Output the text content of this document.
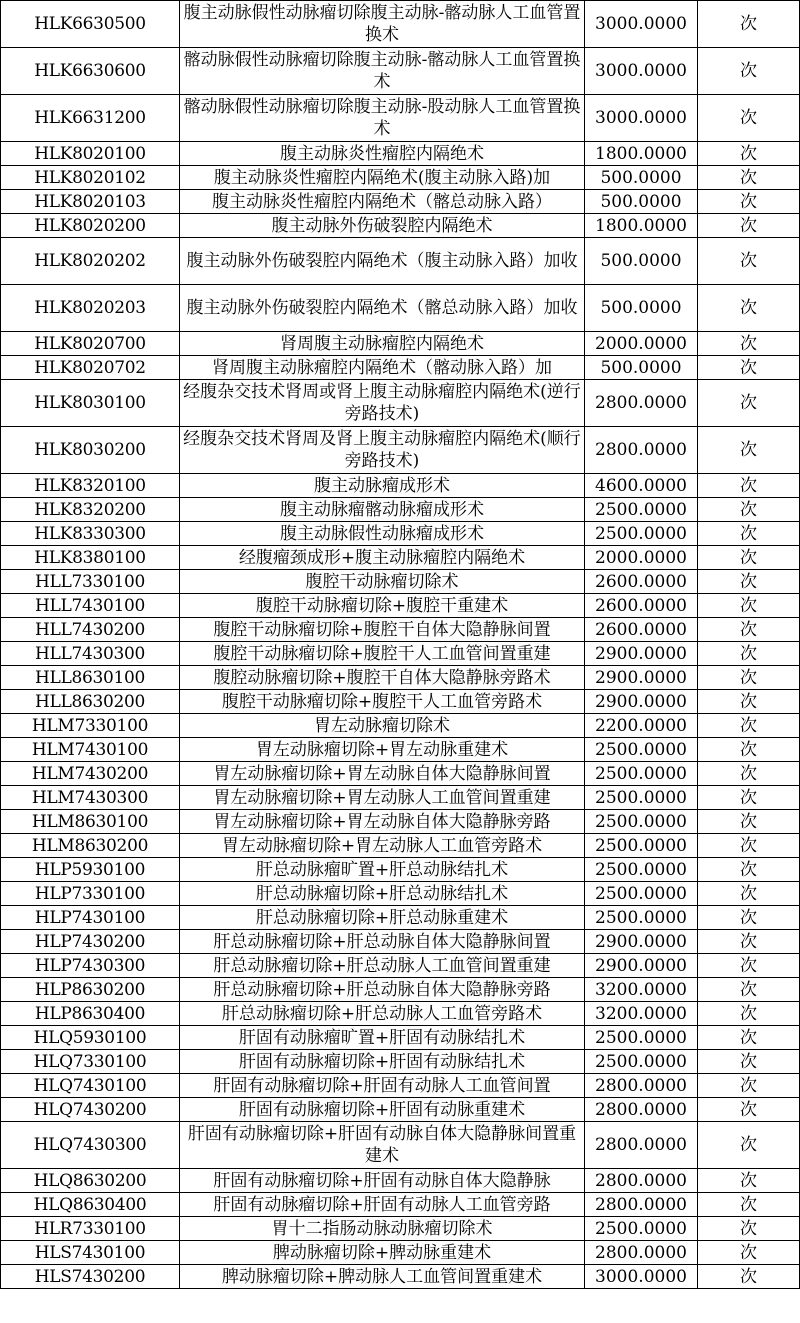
HLK6630500	腹主动脉假性动脉瘤切除腹主动脉-髂动脉人工血管置换术	3000.0000	次
HLK6630600	髂动脉假性动脉瘤切除腹主动脉-髂动脉人工血管置换术	3000.0000	次
HLK6631200	髂动脉假性动脉瘤切除腹主动脉-股动脉人工血管置换术	3000.0000	次
HLK8020100	腹主动脉炎性瘤腔内隔绝术	1800.0000	次
HLK8020102	腹主动脉炎性瘤腔内隔绝术(腹主动脉入路)加	500.0000	次
HLK8020103	腹主动脉炎性瘤腔内隔绝术（髂总动脉入路）	500.0000	次
HLK8020200	腹主动脉外伤破裂腔内隔绝术	1800.0000	次
HLK8020202	腹主动脉外伤破裂腔内隔绝术（腹主动脉入路）加收	500.0000	次
HLK8020203	腹主动脉外伤破裂腔内隔绝术（髂总动脉入路）加收	500.0000	次
HLK8020700	肾周腹主动脉瘤腔内隔绝术	2000.0000	次
HLK8020702	肾周腹主动脉瘤腔内隔绝术（髂动脉入路）加	500.0000	次
HLK8030100	经腹杂交技术肾周或肾上腹主动脉瘤腔内隔绝术(逆行旁路技术)	2800.0000	次
HLK8030200	经腹杂交技术肾周及肾上腹主动脉瘤腔内隔绝术(顺行旁路技术)	2800.0000	次
HLK8320100	腹主动脉瘤成形术	4600.0000	次
HLK8320200	腹主动脉瘤髂动脉瘤成形术	2500.0000	次
HLK8330300	腹主动脉假性动脉瘤成形术	2500.0000	次
HLK8380100	经腹瘤颈成形+腹主动脉瘤腔内隔绝术	2000.0000	次
HLL7330100	腹腔干动脉瘤切除术	2600.0000	次
HLL7430100	腹腔干动脉瘤切除+腹腔干重建术	2600.0000	次
HLL7430200	腹腔干动脉瘤切除+腹腔干自体大隐静脉间置	2600.0000	次
HLL7430300	腹腔干动脉瘤切除+腹腔干人工血管间置重建	2900.0000	次
HLL8630100	腹腔动脉瘤切除+腹腔干自体大隐静脉旁路术	2900.0000	次
HLL8630200	腹腔干动脉瘤切除+腹腔干人工血管旁路术	2900.0000	次
HLM7330100	胃左动脉瘤切除术	2200.0000	次
HLM7430100	胃左动脉瘤切除+胃左动脉重建术	2500.0000	次
HLM7430200	胃左动脉瘤切除+胃左动脉自体大隐静脉间置	2500.0000	次
HLM7430300	胃左动脉瘤切除+胃左动脉人工血管间置重建	2500.0000	次
HLM8630100	胃左动脉瘤切除+胃左动脉自体大隐静脉旁路	2500.0000	次
HLM8630200	胃左动脉瘤切除+胃左动脉人工血管旁路术	2500.0000	次
HLP5930100	肝总动脉瘤旷置+肝总动脉结扎术	2500.0000	次
HLP7330100	肝总动脉瘤切除+肝总动脉结扎术	2500.0000	次
HLP7430100	肝总动脉瘤切除+肝总动脉重建术	2500.0000	次
HLP7430200	肝总动脉瘤切除+肝总动脉自体大隐静脉间置	2900.0000	次
HLP7430300	肝总动脉瘤切除+肝总动脉人工血管间置重建	2900.0000	次
HLP8630200	肝总动脉瘤切除+肝总动脉自体大隐静脉旁路	3200.0000	次
HLP8630400	肝总动脉瘤切除+肝总动脉人工血管旁路术	3200.0000	次
HLQ5930100	肝固有动脉瘤旷置+肝固有动脉结扎术	2500.0000	次
HLQ7330100	肝固有动脉瘤切除+肝固有动脉结扎术	2500.0000	次
HLQ7430100	肝固有动脉瘤切除+肝固有动脉人工血管间置	2800.0000	次
HLQ7430200	肝固有动脉瘤切除+肝固有动脉重建术	2800.0000	次
HLQ7430300	肝固有动脉瘤切除+肝固有动脉自体大隐静脉间置重建术	2800.0000	次
HLQ8630200	肝固有动脉瘤切除+肝固有动脉自体大隐静脉	2800.0000	次
HLQ8630400	肝固有动脉瘤切除+肝固有动脉人工血管旁路	2800.0000	次
HLR7330100	胃十二指肠动脉动脉瘤切除术	2500.0000	次
HLS7430100	脾动脉瘤切除+脾动脉重建术	2800.0000	次
HLS7430200	脾动脉瘤切除+脾动脉人工血管间置重建术	3000.0000	次
